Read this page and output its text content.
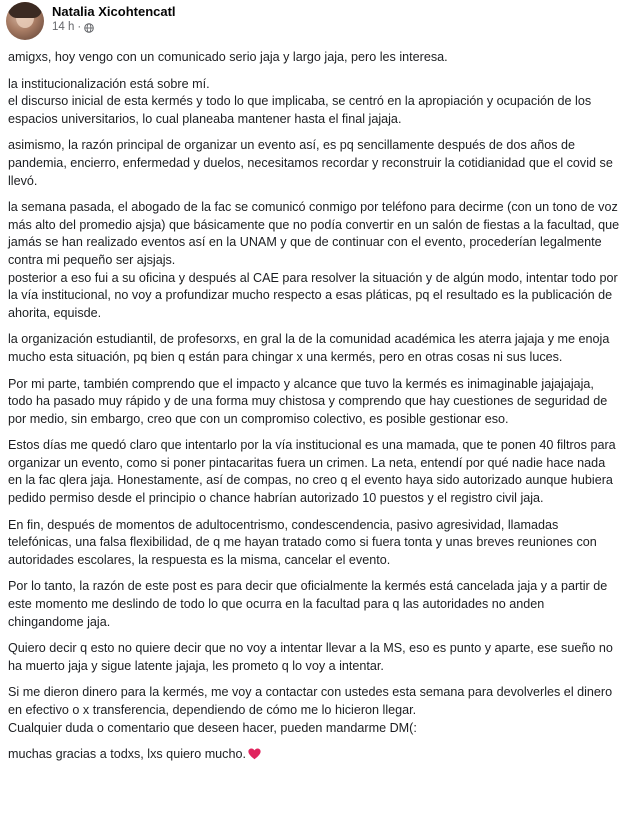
Natalia Xicohtencatl
14 h ·

amigxs, hoy vengo con un comunicado serio jaja y largo jaja, pero les interesa.

la institucionalización está sobre mí.
el discurso inicial de esta kermés y todo lo que implicaba, se centró en la apropiación y ocupación de los espacios universitarios, lo cual planeaba mantener hasta el final jajaja.

asimismo, la razón principal de organizar un evento así, es pq sencillamente después de dos años de pandemia, encierro, enfermedad y duelos, necesitamos recordar y reconstruir la cotidianidad que el covid se llevó.

la semana pasada, el abogado de la fac se comunicó conmigo por teléfono para decirme (con un tono de voz más alto del promedio ajsja) que básicamente que no podía convertir en un salón de fiestas a la facultad, que jamás se han realizado eventos así en la UNAM y que de continuar con el evento, procederían legalmente contra mi pequeño ser ajsjajs.
posterior a eso fui a su oficina y después al CAE para resolver la situación y de algún modo, intentar todo por la vía institucional, no voy a profundizar mucho respecto a esas pláticas, pq el resultado es la publicación de ahorita, equisde.

la organización estudiantil, de profesorxs, en gral la de la comunidad académica les aterra jajaja y me enoja mucho esta situación, pq bien q están para chingar x una kermés, pero en otras cosas ni sus luces.

Por mi parte, también comprendo que el impacto y alcance que tuvo la kermés es inimaginable jajajajaja, todo ha pasado muy rápido y de una forma muy chistosa y comprendo que hay cuestiones de seguridad de por medio, sin embargo, creo que con un compromiso colectivo, es posible gestionar eso.

Estos días me quedó claro que intentarlo por la vía institucional es una mamada, que te ponen 40 filtros para organizar un evento, como si poner pintacaritas fuera un crimen. La neta, entendí por qué nadie hace nada en la fac qlera jaja. Honestamente, así de compas, no creo q el evento haya sido autorizado aunque hubiera pedido permiso desde el principio o chance habrían autorizado 10 puestos y el registro civil jaja.

En fin, después de momentos de adultocentrismo, condescendencia, pasivo agresividad, llamadas telefónicas, una falsa flexibilidad, de q me hayan tratado como si fuera tonta y unas breves reuniones con autoridades escolares, la respuesta es la misma, cancelar el evento.

Por lo tanto, la razón de este post es para decir que oficialmente la kermés está cancelada jaja y a partir de este momento me deslindo de todo lo que ocurra en la facultad para q las autoridades no anden chingandome jaja.

Quiero decir q esto no quiere decir que no voy a intentar llevar a la MS, eso es punto y aparte, ese sueño no ha muerto jaja y sigue latente jajaja, les prometo q lo voy a intentar.

Si me dieron dinero para la kermés, me voy a contactar con ustedes esta semana para devolverles el dinero en efectivo o x transferencia, dependiendo de cómo me lo hicieron llegar.
Cualquier duda o comentario que deseen hacer, pueden mandarme DM(:

muchas gracias a todxs, lxs quiero mucho.
